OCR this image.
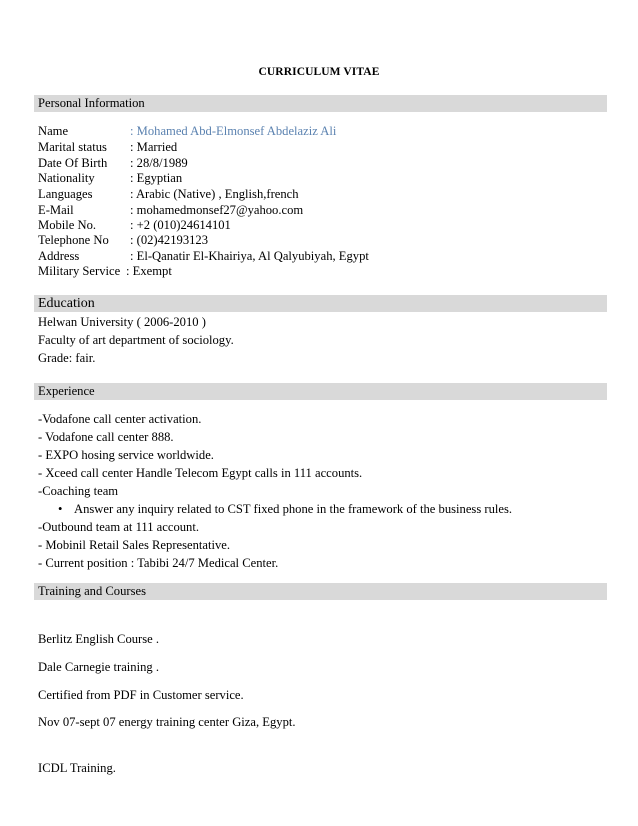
CURRICULUM VITAE
Personal Information
Name	: Mohamed Abd-Elmonsef Abdelaziz Ali
Marital status : Married
Date Of Birth : 28/8/1989
Nationality	: Egyptian
Languages	: Arabic (Native) , English,french
E-Mail	: mohamedmonsef27@yahoo.com
Mobile No.	: +2 (010)24614101
Telephone No : (02)42193123
Address	: El-Qanatir El-Khairiya, Al Qalyubiyah, Egypt
Military Service : Exempt
Education
Helwan University ( 2006-2010 )
Faculty of art department of sociology.
Grade: fair.
Experience
-Vodafone call center activation.
- Vodafone call center 888.
- EXPO hosing service worldwide.
- Xceed call center Handle Telecom Egypt calls in 111 accounts.
-Coaching team
• Answer any inquiry related to CST fixed phone in the framework of the business rules.
-Outbound team at 111 account.
- Mobinil Retail Sales Representative.
- Current position : Tabibi 24/7 Medical Center.
Training and Courses
Berlitz English Course .
Dale Carnegie training .
Certified from PDF in Customer service.
Nov 07-sept 07 energy training center Giza, Egypt.
ICDL Training.
